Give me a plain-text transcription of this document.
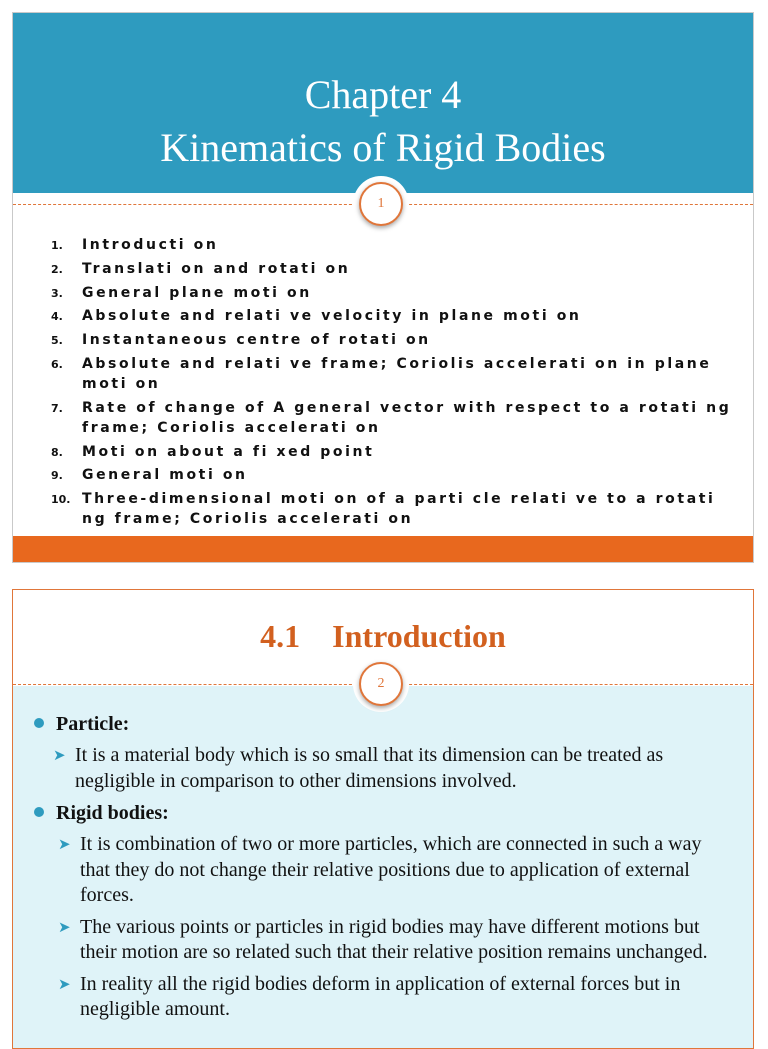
Chapter 4
Kinematics of Rigid Bodies
1
1.	Introducti on
2.	Translati on and rotati on
3.	General plane moti on
4.	Absolute and relati ve velocity in plane moti on
5.	Instantaneous centre of rotati on
6.	Absolute and relati ve frame; Coriolis accelerati on in plane moti on
7.	Rate of change of A general vector with respect to a rotati ng frame; Coriolis accelerati on
8.	Moti on about a fi xed point
9.	General moti on
10. Three-dimensional moti on of a parti cle relati ve to a rotati ng frame; Coriolis accelerati on
4.1    Introduction
2
Particle:
➤ It is a material body which is so small that its dimension can be treated as negligible in comparison to other dimensions involved.
Rigid bodies:
➤ It is combination of two or more particles, which are connected in such a way that they do not change their relative positions due to application of external forces.
➤ The various points or particles in rigid bodies may have different motions but their motion are so related such that their relative position remains unchanged.
➤ In reality all the rigid bodies deform in application of external forces but in negligible amount.
